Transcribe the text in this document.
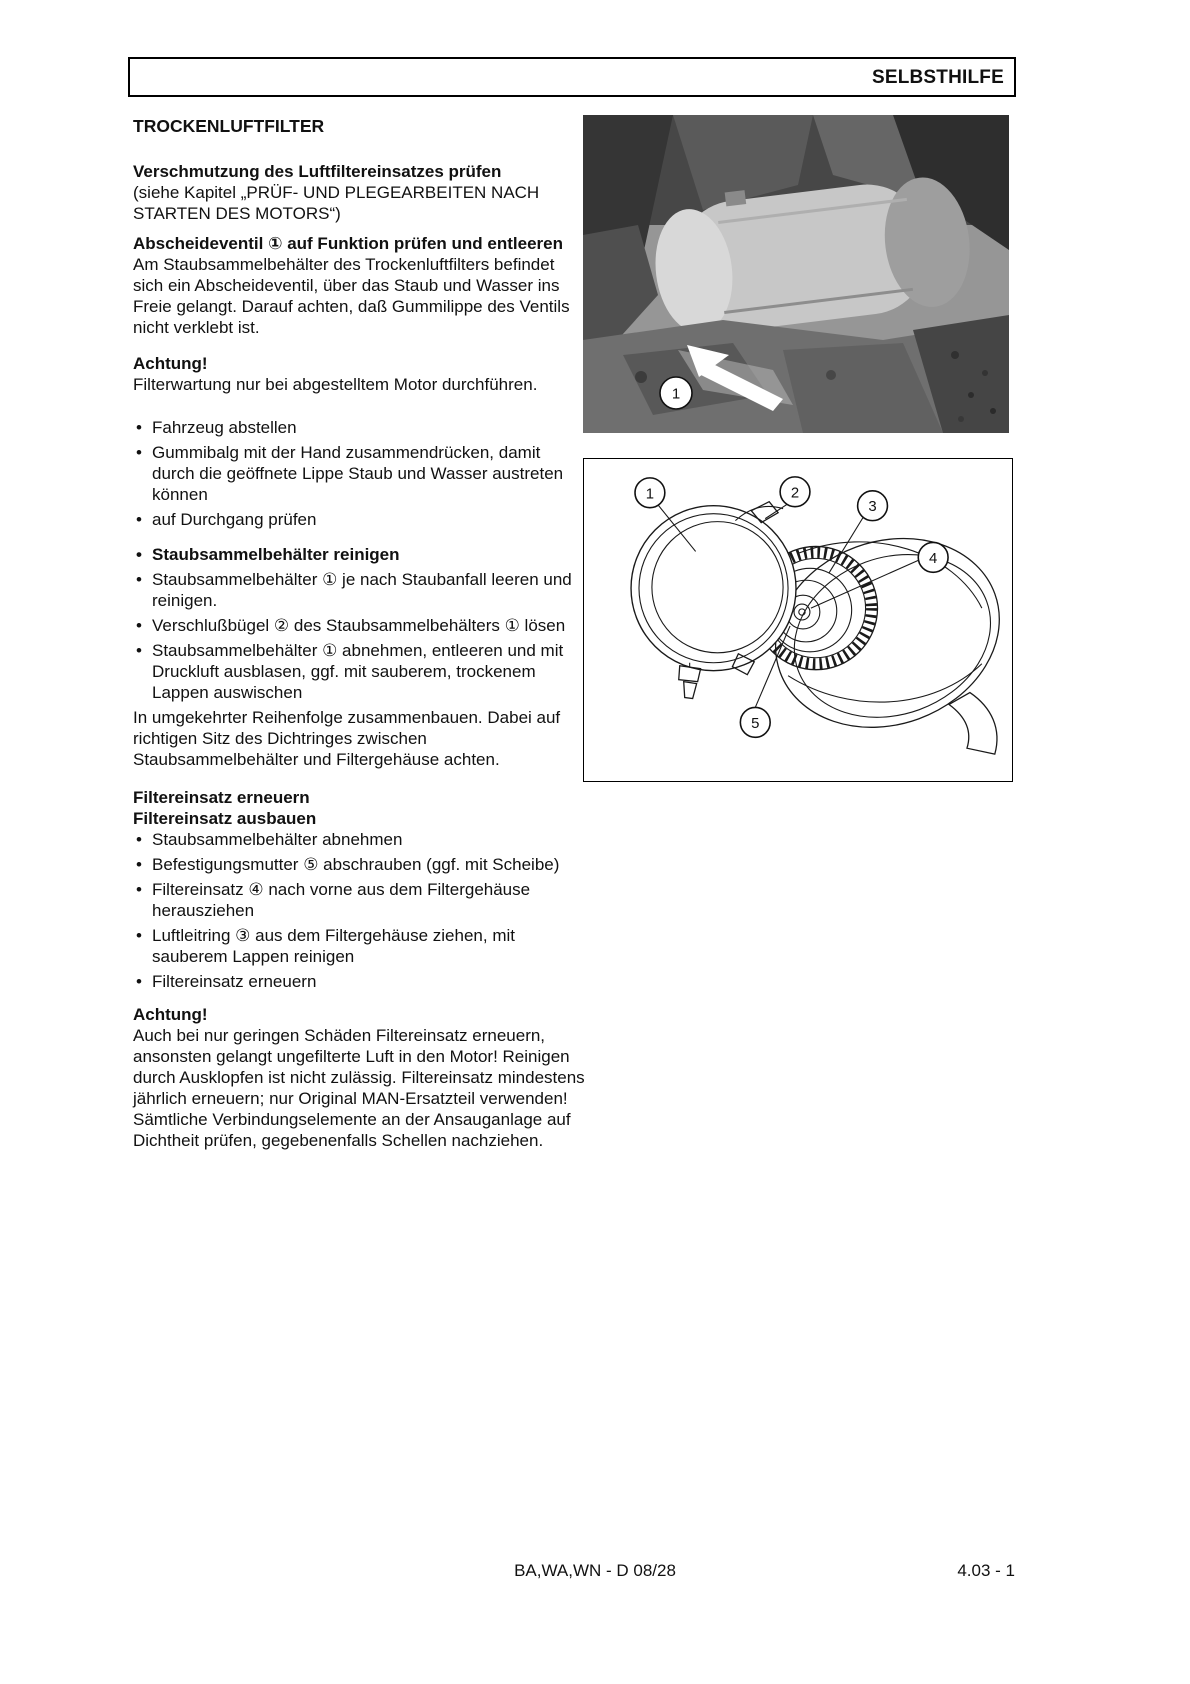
SELBSTHILFE
TROCKENLUFTFILTER
Verschmutzung des Luftfiltereinsatzes prüfen

(siehe Kapitel „PRÜF- UND PLEGEARBEITEN NACH STARTEN DES MOTORS“)

Abscheideventil ① auf Funktion prüfen und entleeren

Am Staubsammelbehälter des Trockenluftfilters befindet sich ein Abscheideventil, über das Staub und Wasser ins Freie gelangt. Darauf achten, daß Gummilippe des Ventils nicht verklebt ist.

Achtung!

Filterwartung nur bei abgestelltem Motor durchführen.

• Fahrzeug abstellen
• Gummibalg mit der Hand zusammendrücken, damit durch die geöffnete Lippe Staub und Wasser austreten können
• auf Durchgang prüfen
• Staubsammelbehälter reinigen
• Staubsammelbehälter ① je nach Staubanfall leeren und reinigen.
• Verschlußbügel ② des Staubsammelbehälters ① lösen
• Staubsammelbehälter ① abnehmen, entleeren und mit Druckluft ausblasen, ggf. mit sauberem, trockenem Lappen auswischen

In umgekehrter Reihenfolge zusammenbauen. Dabei auf richtigen Sitz des Dichtringes zwischen Staubsammelbehälter und Filtergehäuse achten.

Filtereinsatz erneuern
Filtereinsatz ausbauen
• Staubsammelbehälter abnehmen
• Befestigungsmutter ⑤ abschrauben (ggf. mit Scheibe)
• Filtereinsatz ④ nach vorne aus dem Filtergehäuse herausziehen
• Luftleitring ③ aus dem Filtergehäuse ziehen, mit sauberem Lappen reinigen
• Filtereinsatz erneuern
Achtung!

Auch bei nur geringen Schäden Filtereinsatz erneuern, ansonsten gelangt ungefilterte Luft in den Motor! Reinigen durch Ausklopfen ist nicht zulässig. Filtereinsatz mindestens jährlich erneuern; nur Original MAN-Ersatzteil verwenden! Sämtliche Verbindungselemente an der Ansauganlage auf Dichtheit prüfen, gegebenenfalls Schellen nachziehen.

1
1	2
3
4
5
BA,WA,WN - D 08/28	4.03 - 1
